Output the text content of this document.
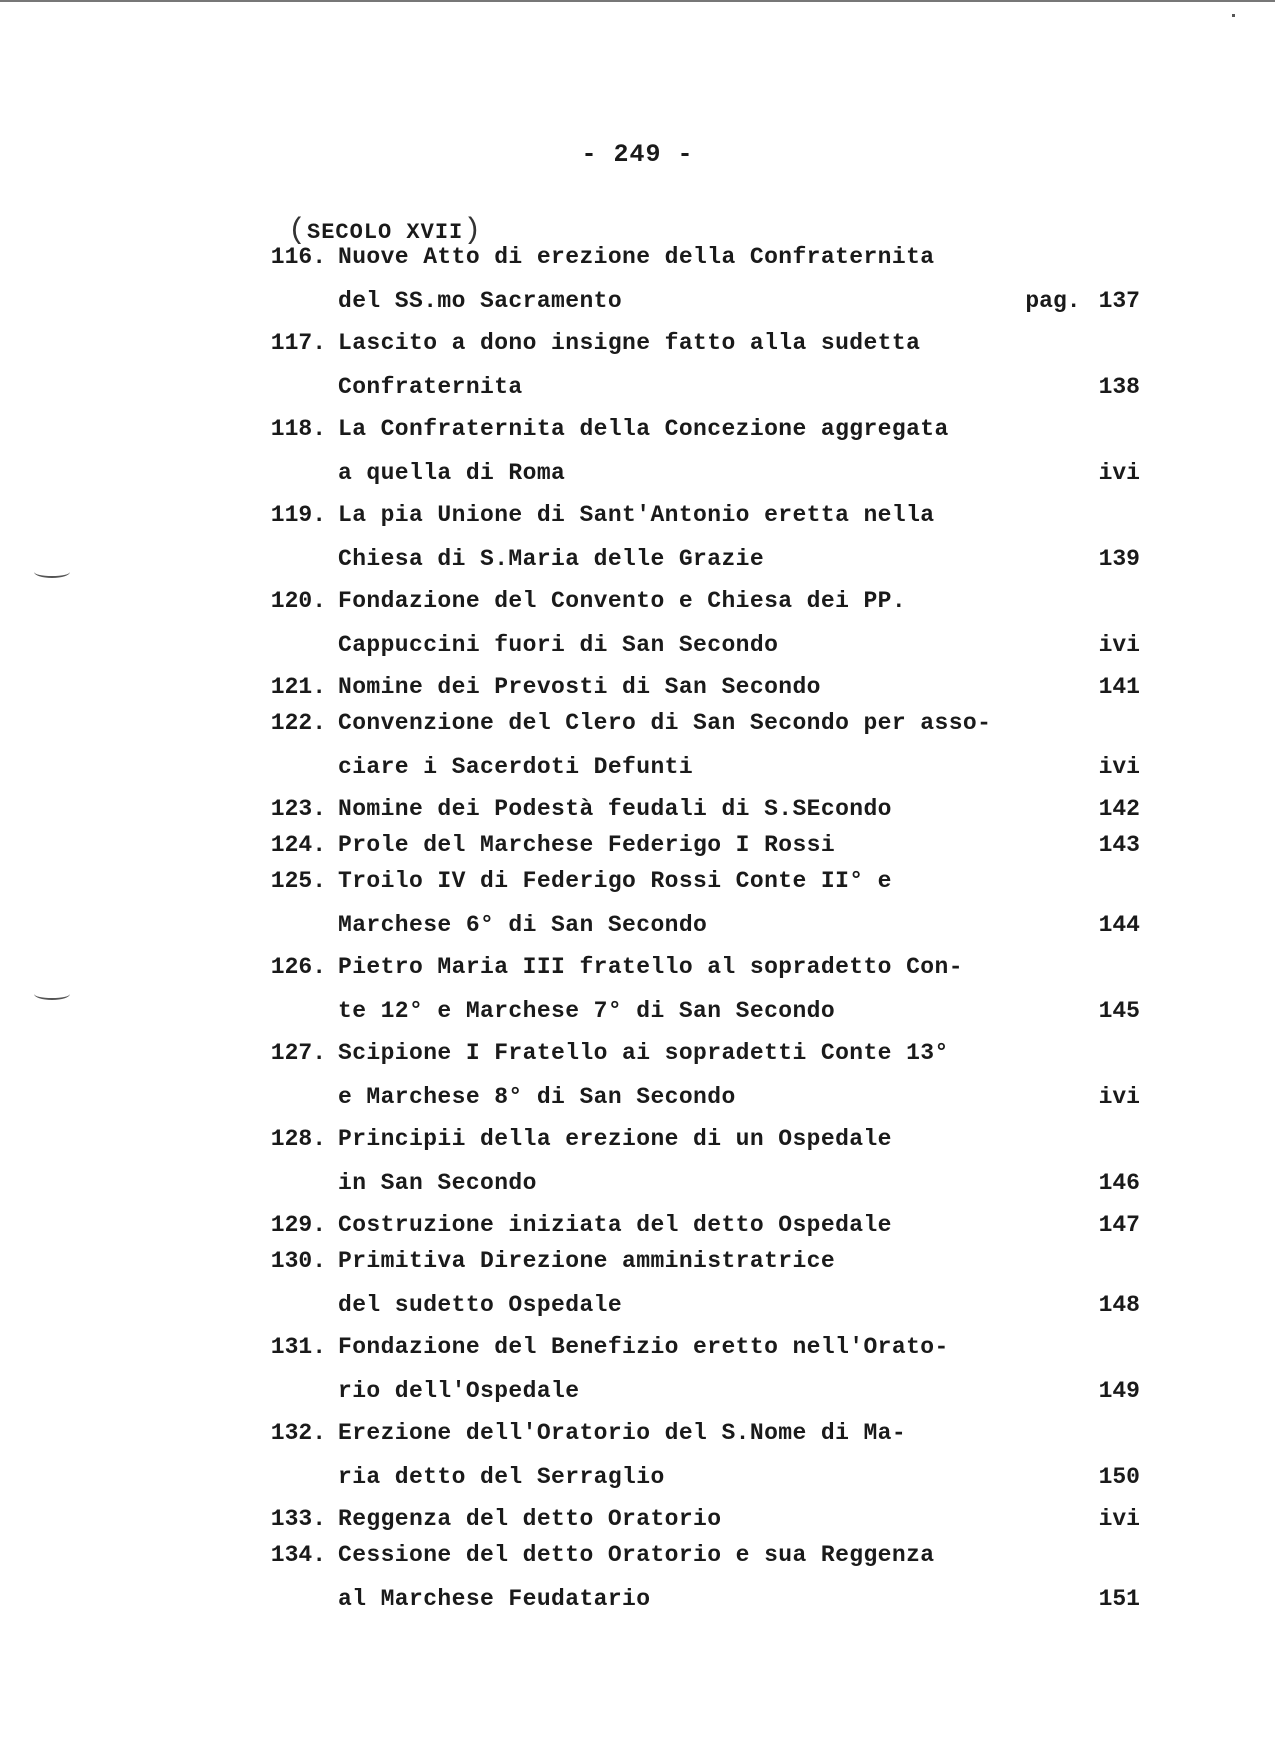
- 249 -
(SECOLO XVII)
116. Nuove Atto di erezione della Confraternita
del SS.mo Sacramento	pag. 137
117. Lascito a dono insigne fatto alla sudetta
Confraternita	138
118. La Confraternita della Concezione aggregata
a quella di Roma	ivi
119. La pia Unione di Sant'Antonio eretta nella
Chiesa di S.Maria delle Grazie	139
120. Fondazione del Convento e Chiesa dei PP.
Cappuccini fuori di San Secondo	ivi
121. Nomine dei Prevosti di San Secondo	141
122. Convenzione del Clero di San Secondo per asso-
ciare i Sacerdoti Defunti	ivi
123. Nomine dei Podestà feudali di S.SEcondo	142
124. Prole del Marchese Federigo I Rossi	143
125. Troilo IV di Federigo Rossi Conte II° e
Marchese 6° di San Secondo	144
126. Pietro Maria III fratello al sopradetto Con-
te 12° e Marchese 7° di San Secondo	145
127. Scipione I Fratello ai sopradetti Conte 13°
e Marchese 8° di San Secondo	ivi
128. Principii della erezione di un Ospedale
in San Secondo	146
129. Costruzione iniziata del detto Ospedale	147
130. Primitiva Direzione amministratrice
del sudetto Ospedale	148
131. Fondazione del Benefizio eretto nell'Orato-
rio dell'Ospedale	149
132. Erezione dell'Oratorio del S.Nome di Ma-
ria detto del Serraglio	150
133. Reggenza del detto Oratorio	ivi
134. Cessione del detto Oratorio e sua Reggenza
al Marchese Feudatario	151
